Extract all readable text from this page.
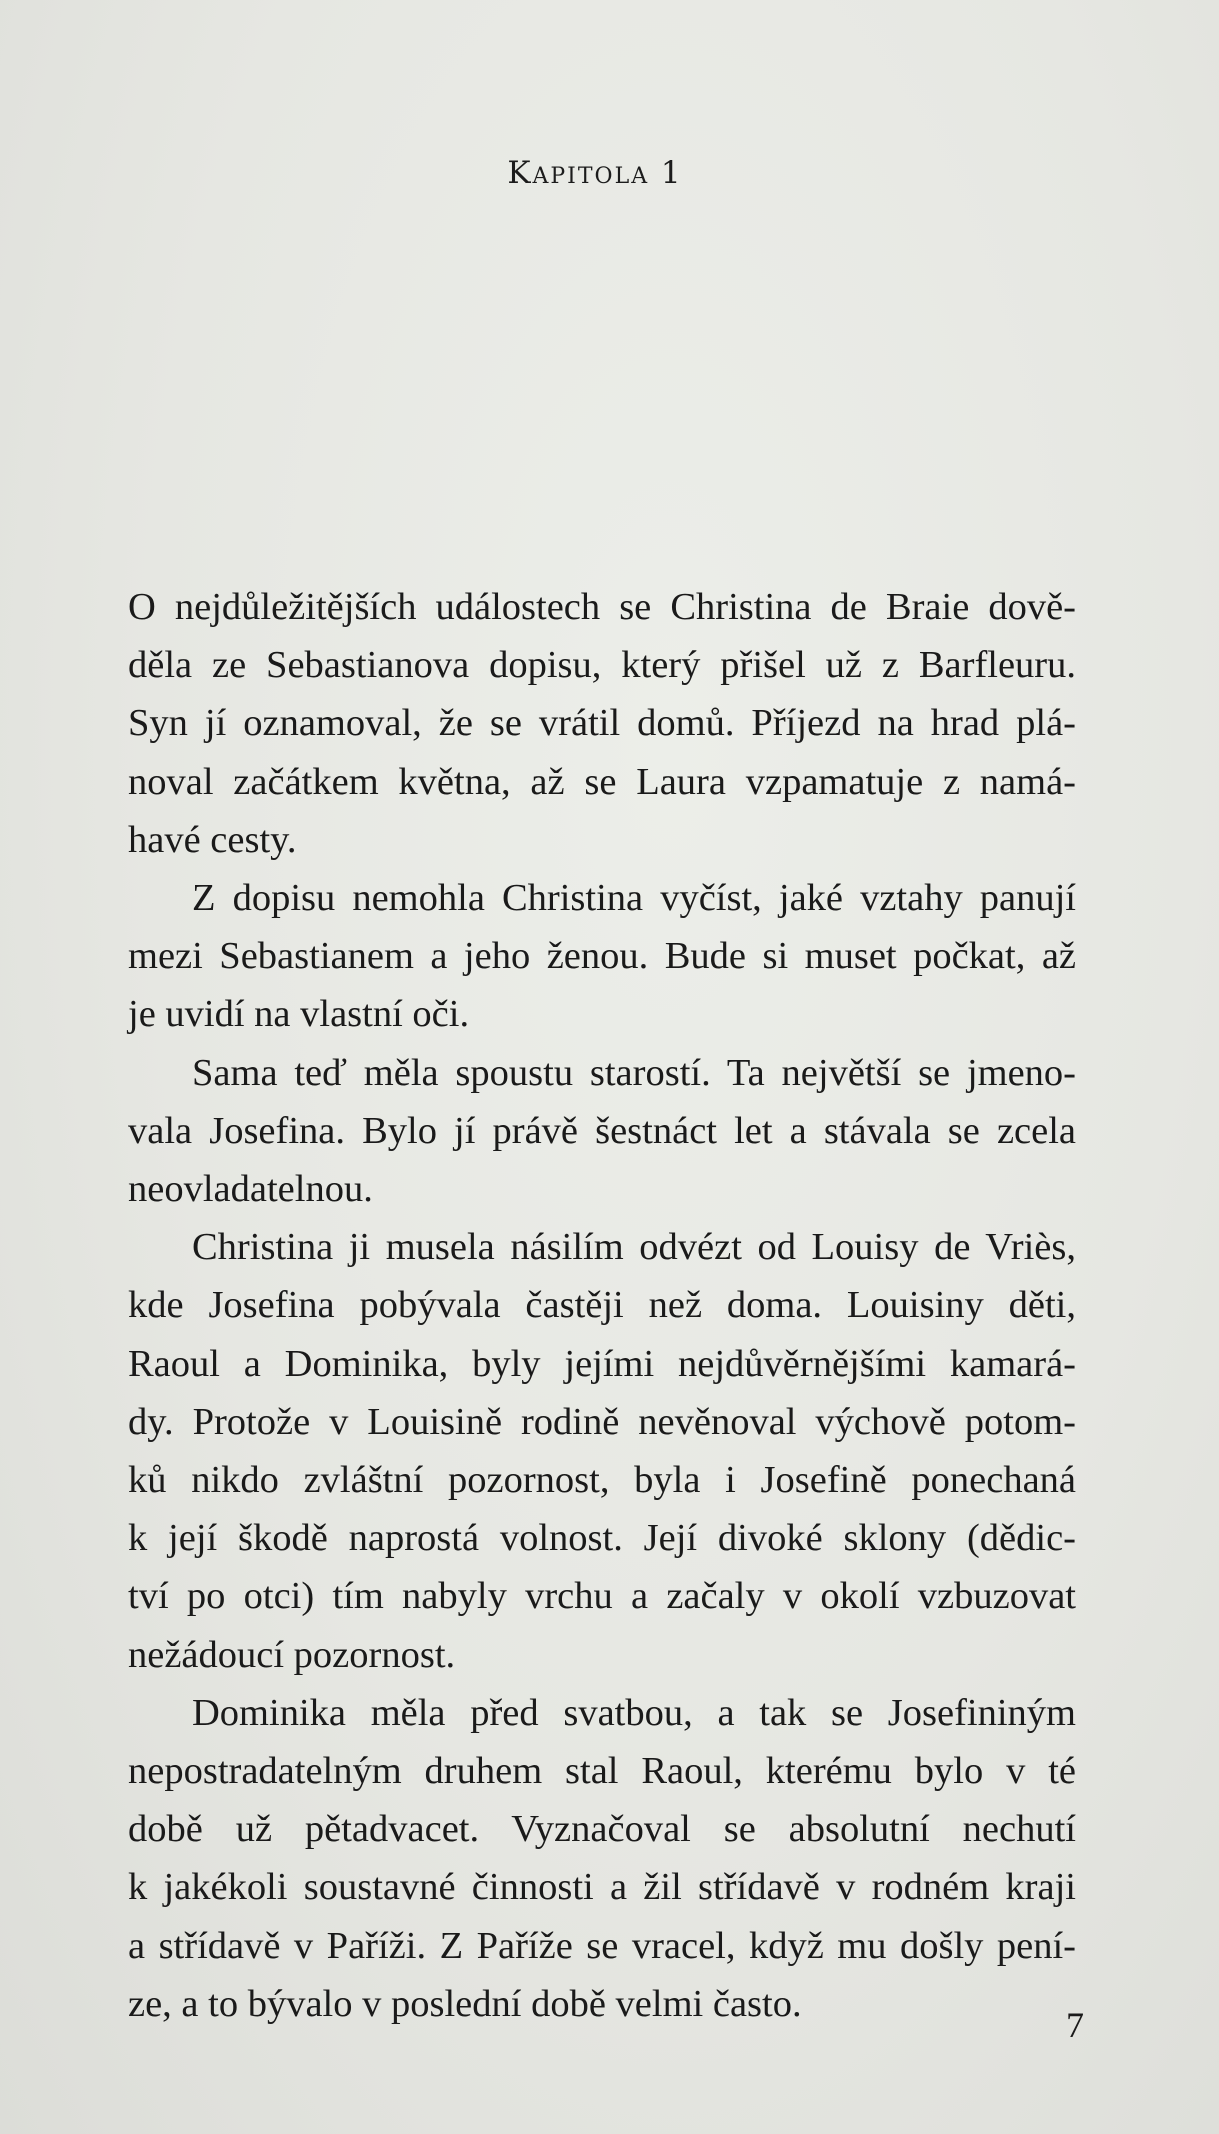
Kapitola 1

O nejdůležitějších událostech se Christina de Braie dově-
děla ze Sebastianova dopisu, který přišel už z Barfleuru.
Syn jí oznamoval, že se vrátil domů. Příjezd na hrad plá-
noval začátkem května, až se Laura vzpamatuje z namá-
havé cesty.

Z dopisu nemohla Christina vyčíst, jaké vztahy panují
mezi Sebastianem a jeho ženou. Bude si muset počkat, až
je uvidí na vlastní oči.

Sama teď měla spoustu starostí. Ta největší se jmeno-
vala Josefina. Bylo jí právě šestnáct let a stávala se zcela
neovladatelnou.

Christina ji musela násilím odvézt od Louisy de Vriès,
kde Josefina pobývala častěji než doma. Louisiny děti,
Raoul a Dominika, byly jejími nejdůvěrnějšími kamará-
dy. Protože v Louisině rodině nevěnoval výchově potom-
ků nikdo zvláštní pozornost, byla i Josefině ponechaná
k její škodě naprostá volnost. Její divoké sklony (dědic-
tví po otci) tím nabyly vrchu a začaly v okolí vzbuzovat
nežádoucí pozornost.

Dominika měla před svatbou, a tak se Josefininým
nepostradatelným druhem stal Raoul, kterému bylo v té
době už pětadvacet. Vyznačoval se absolutní nechutí
k jakékoli soustavné činnosti a žil střídavě v rodném kraji
a střídavě v Paříži. Z Paříže se vracel, když mu došly pení-
ze, a to bývalo v poslední době velmi často.

7
